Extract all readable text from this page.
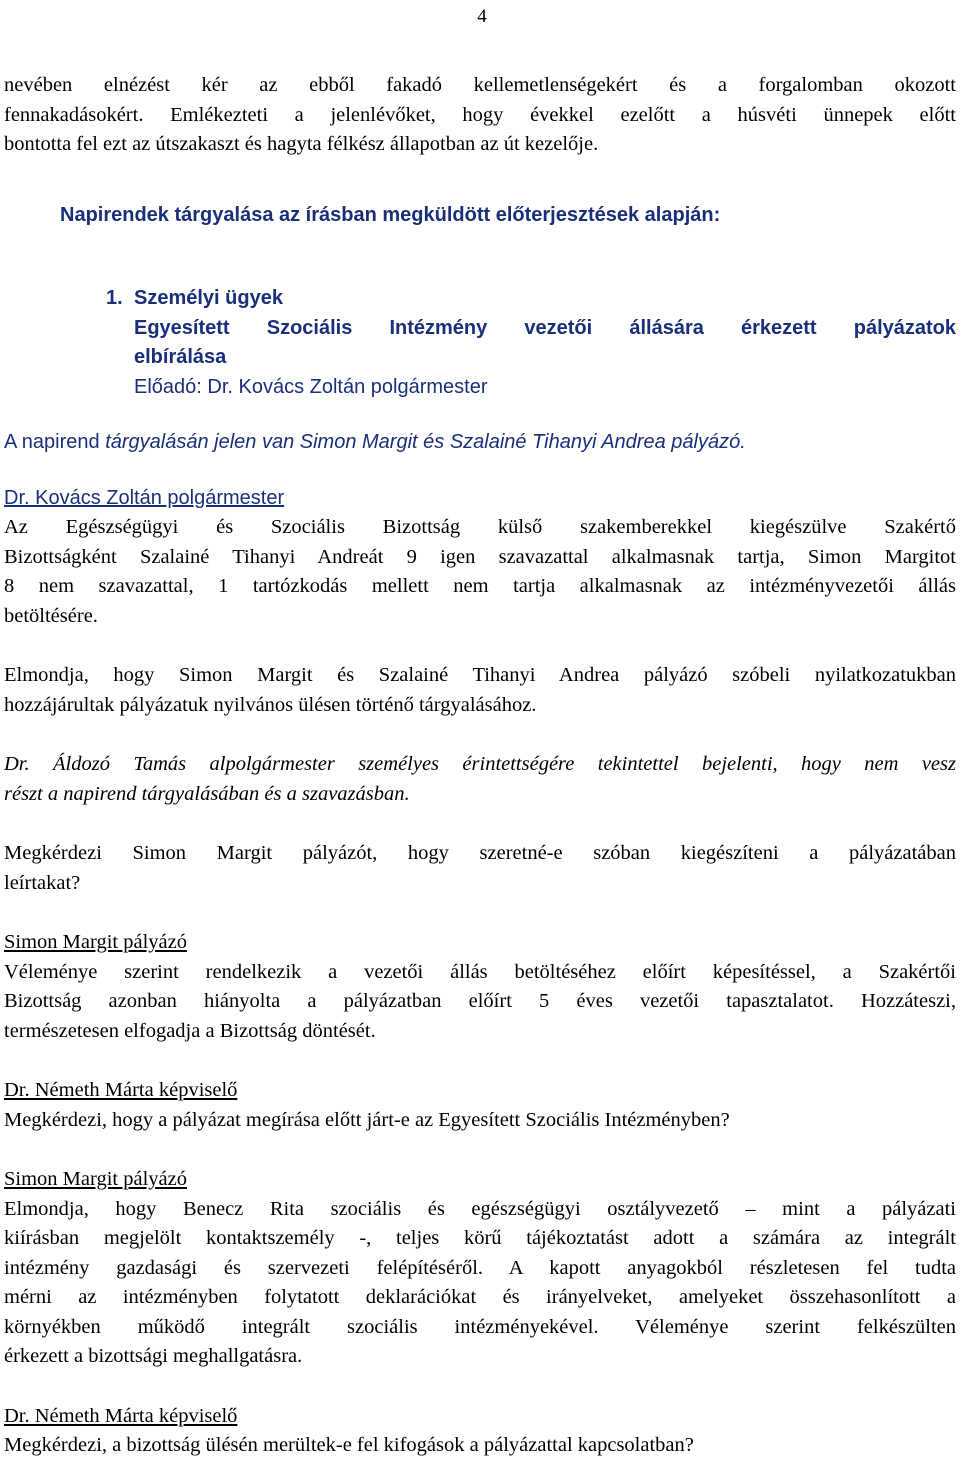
4

nevében elnézést kér az ebből fakadó kellemetlenségekért és a forgalomban okozott

fennakadásokért. Emlékezteti a jelenlévőket, hogy évekkel ezelőtt a húsvéti ünnepek előtt

bontotta fel ezt az útszakaszt és hagyta félkész állapotban az út kezelője.

Napirendek tárgyalása az írásban megküldött előterjesztések alapján:
1. Személyi ügyek
Egyesített Szociális Intézmény vezetői állására érkezett pályázatok
elbírálása
Előadó: Dr. Kovács Zoltán polgármester

A napirend tárgyalásán jelen van Simon Margit és Szalainé Tihanyi Andrea pályázó.

Dr. Kovács Zoltán polgármester

Az Egészségügyi és Szociális Bizottság külső szakemberekkel kiegészülve Szakértő

Bizottságként Szalainé Tihanyi Andreát 9 igen szavazattal alkalmasnak tartja, Simon Margitot

8 nem szavazattal, 1 tartózkodás mellett nem tartja alkalmasnak az intézményvezetői állás

betöltésére.

Elmondja, hogy Simon Margit és Szalainé Tihanyi Andrea pályázó szóbeli nyilatkozatukban

hozzájárultak pályázatuk nyilvános ülésen történő tárgyalásához.

Dr. Áldozó Tamás alpolgármester személyes érintettségére tekintettel bejelenti, hogy nem vesz

részt a napirend tárgyalásában és a szavazásban.

Megkérdezi Simon Margit pályázót, hogy szeretné-e szóban kiegészíteni a pályázatában

leírtakat?

Simon Margit pályázó

Véleménye szerint rendelkezik a vezetői állás betöltéséhez előírt képesítéssel, a Szakértői

Bizottság azonban hiányolta a pályázatban előírt 5 éves vezetői tapasztalatot. Hozzáteszi,

természetesen elfogadja a Bizottság döntését.

Dr. Németh Márta képviselő

Megkérdezi, hogy a pályázat megírása előtt járt-e az Egyesített Szociális Intézményben?

Simon Margit pályázó

Elmondja, hogy Benecz Rita szociális és egészségügyi osztályvezető – mint a pályázati

kiírásban megjelölt kontaktszemély -, teljes körű tájékoztatást adott a számára az integrált

intézmény gazdasági és szervezeti felépítéséről. A kapott anyagokból részletesen fel tudta

mérni az intézményben folytatott deklarációkat és irányelveket, amelyeket összehasonlított a

környékben működő integrált szociális intézményekével. Véleménye szerint felkészülten

érkezett a bizottsági meghallgatásra.

Dr. Németh Márta képviselő

Megkérdezi, a bizottság ülésén merültek-e fel kifogások a pályázattal kapcsolatban?
